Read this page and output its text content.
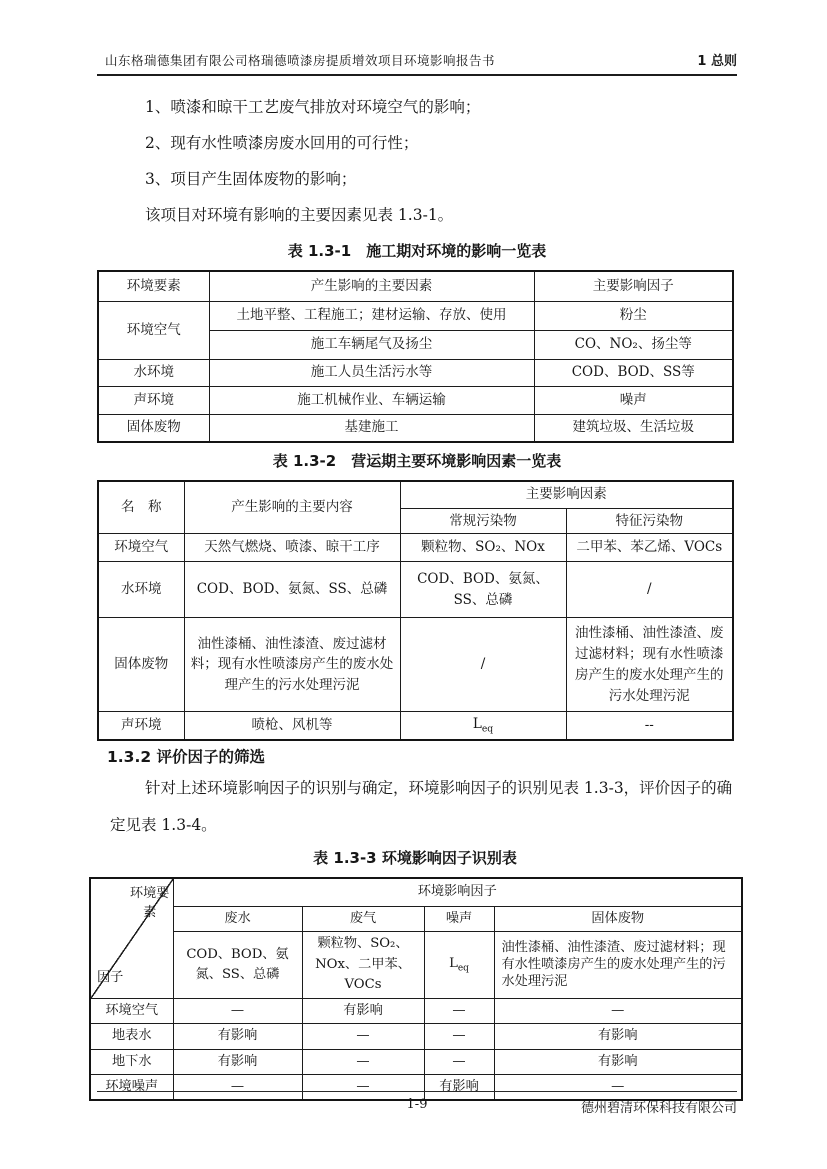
山东格瑞德集团有限公司格瑞德喷漆房提质增效项目环境影响报告书	1 总则
1、喷漆和晾干工艺废气排放对环境空气的影响；
2、现有水性喷漆房废水回用的可行性；
3、项目产生固体废物的影响；
该项目对环境有影响的主要因素见表 1.3-1。
表 1.3-1　施工期对环境的影响一览表
环境要素	产生影响的主要因素	主要影响因子
环境空气	土地平整、工程施工；建材运输、存放、使用	粉尘
	施工车辆尾气及扬尘	CO、NO₂、扬尘等
水环境	施工人员生活污水等	COD、BOD、SS等
声环境	施工机械作业、车辆运输	噪声
固体废物	基建施工	建筑垃圾、生活垃圾
表 1.3-2　营运期主要环境影响因素一览表
名　称	产生影响的主要内容	主要影响因素	
		常规污染物	特征污染物
环境空气	天然气燃烧、喷漆、晾干工序	颗粒物、SO₂、NOx	二甲苯、苯乙烯、VOCs
水环境	COD、BOD、氨氮、SS、总磷	COD、BOD、氨氮、SS、总磷	/
固体废物	油性漆桶、油性漆渣、废过滤材料；现有水性喷漆房产生的废水处理产生的污水处理污泥	/	油性漆桶、油性漆渣、废过滤材料；现有水性喷漆房产生的废水处理产生的污水处理污泥
声环境	喷枪、风机等	$L_{eq}$	--
1.3.2 评价因子的筛选
针对上述环境影响因子的识别与确定，环境影响因子的识别见表 1.3-3，评价因子的确定见表 1.3-4。
表 1.3-3 环境影响因子识别表
环境要素
因子	环境影响因子			
	废水	废气	噪声	固体废物
	COD、BOD、氨氮、SS、总磷	颗粒物、SO₂、NOx、二甲苯、VOCs	$L_{eq}$	油性漆桶、油性漆渣、废过滤材料；现有水性喷漆房产生的废水处理产生的污水处理污泥
环境空气	—	有影响	—	—
地表水	有影响	—	—	有影响
地下水	有影响	—	—	有影响
环境噪声	—	—	有影响	—
1-9	德州碧清环保科技有限公司
